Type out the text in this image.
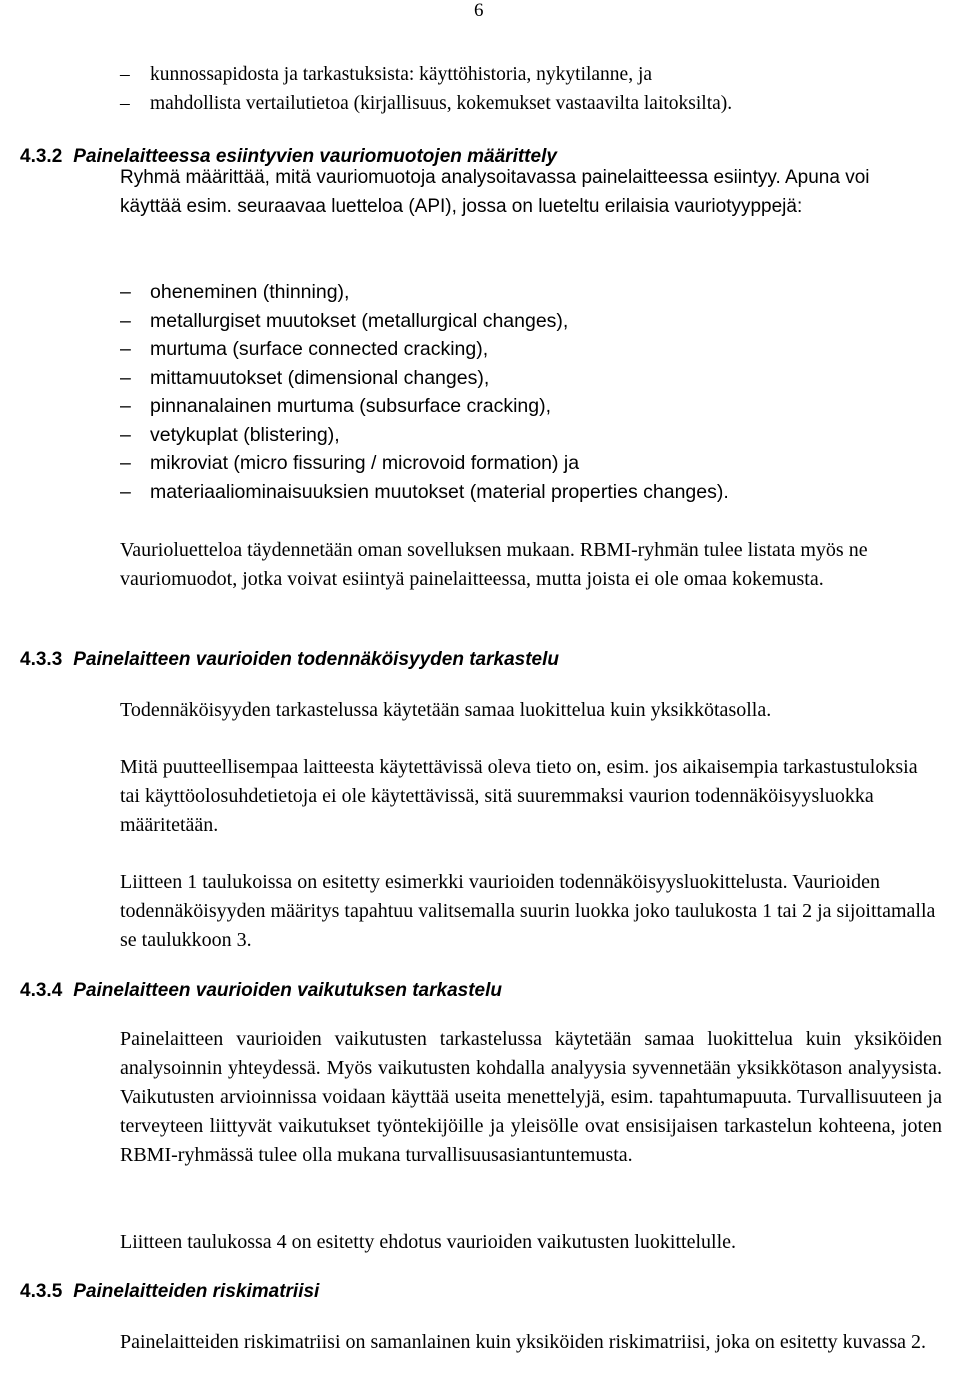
6
– kunnossapidosta ja tarkastuksista: käyttöhistoria, nykytilanne, ja
– mahdollista vertailutietoa (kirjallisuus, kokemukset vastaavilta laitoksilta).
4.3.2 Painelaitteessa esiintyvien vauriomuotojen määrittely

Ryhmä määrittää, mitä vauriomuotoja analysoitavassa painelaitteessa esiintyy. Apuna voi käyttää esim. seuraavaa luetteloa (API), jossa on lueteltu erilaisia vauriotyyppejä:

– oheneminen (thinning),
– metallurgiset muutokset (metallurgical changes),
– murtuma (surface connected cracking),
– mittamuutokset (dimensional changes),
– pinnanalainen murtuma (subsurface cracking),
– vetykuplat (blistering),
– mikroviat (micro fissuring / microvoid formation) ja
– materiaaliominaisuuksien muutokset (material properties changes).

Vaurioluetteloa täydennetään oman sovelluksen mukaan. RBMI-ryhmän tulee listata myös ne vauriomuodot, jotka voivat esiintyä painelaitteessa, mutta joista ei ole omaa kokemusta.

4.3.3 Painelaitteen vaurioiden todennäköisyyden tarkastelu

Todennäköisyyden tarkastelussa käytetään samaa luokittelua kuin yksikkötasolla.

Mitä puutteellisempaa laitteesta käytettävissä oleva tieto on, esim. jos aikaisempia tarkastustuloksia tai käyttöolosuhdetietoja ei ole käytettävissä, sitä suuremmaksi vaurion todennäköisyysluokka määritetään.

Liitteen 1 taulukoissa on esitetty esimerkki vaurioiden todennäköisyysluokittelusta. Vaurioiden todennäköisyyden määritys tapahtuu valitsemalla suurin luokka joko taulukosta 1 tai 2 ja sijoittamalla se taulukkoon 3.

4.3.4 Painelaitteen vaurioiden vaikutuksen tarkastelu

Painelaitteen vaurioiden vaikutusten tarkastelussa käytetään samaa luokittelua kuin yksiköiden analysoinnin yhteydessä. Myös vaikutusten kohdalla analyysia syvennetään yksikkötason analyysista. Vaikutusten arvioinnissa voidaan käyttää useita menettelyjä, esim. tapahtumapuuta. Turvallisuuteen ja terveyteen liittyvät vaikutukset työntekijöille ja yleisölle ovat ensisijaisen tarkastelun kohteena, joten RBMI-ryhmässä tulee olla mukana turvallisuusasiantuntemusta.

Liitteen taulukossa 4 on esitetty ehdotus vaurioiden vaikutusten luokittelulle.

4.3.5 Painelaitteiden riskimatriisi

Painelaitteiden riskimatriisi on samanlainen kuin yksiköiden riskimatriisi, joka on esitetty kuvassa 2.
